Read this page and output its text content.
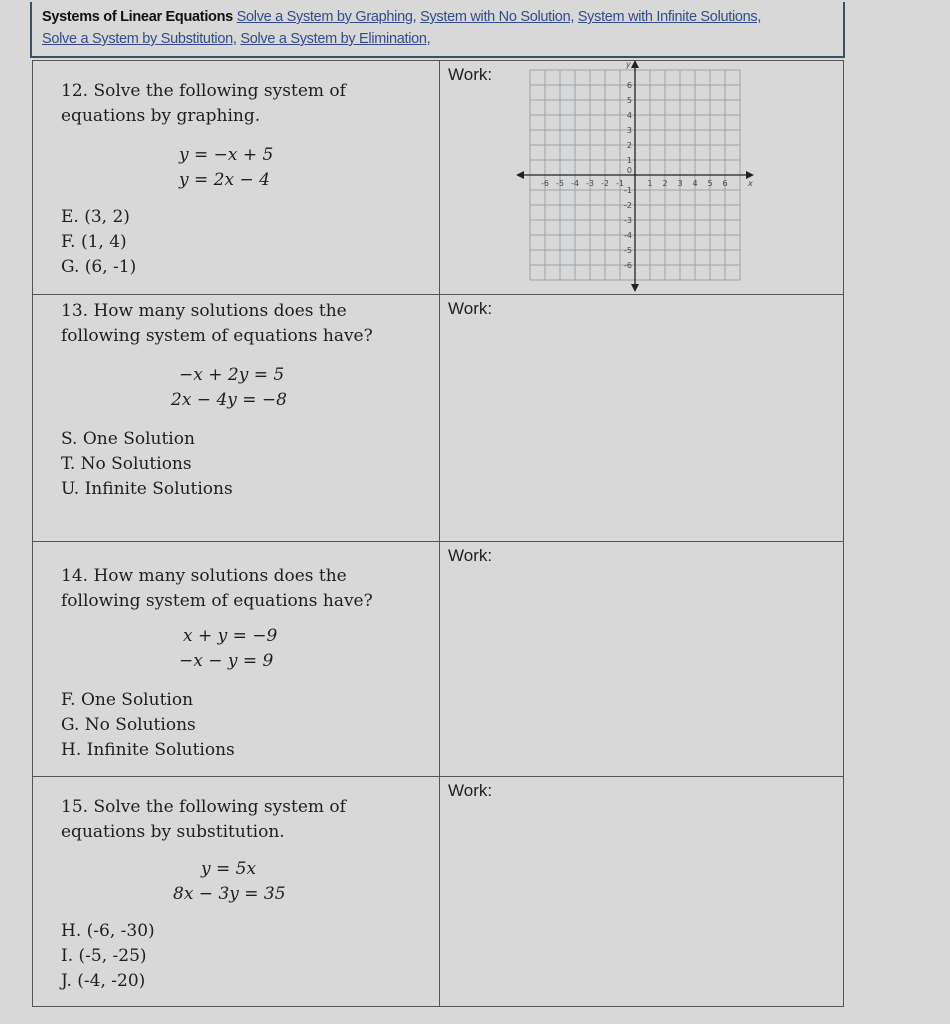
Systems of Linear Equations Solve a System by Graphing, System with No Solution, System with Infinite Solutions,
Solve a System by Substitution, Solve a System by Elimination,
12. Solve the following system of equations by graphing.
y = −x + 5
y = 2x − 4
E. (3, 2)
F. (1, 4)
G. (6, -1)
Work:
-6
-6
-5
-5
-4
-4
-3
-3
-2
-2
-1
-1
1
1
2
2
3
3
4
4
5
5
6
6
0
x
y
13. How many solutions does the following system of equations have?
−x + 2y = 5
2x − 4y = −8
S. One Solution
T. No Solutions
U. Infinite Solutions
Work:
14. How many solutions does the following system of equations have?
x + y = −9
−x − y = 9
F. One Solution
G. No Solutions
H. Infinite Solutions
Work:
15. Solve the following system of equations by substitution.
y = 5x
8x − 3y = 35
H. (-6, -30)
I. (-5, -25)
J. (-4, -20)
Work:
